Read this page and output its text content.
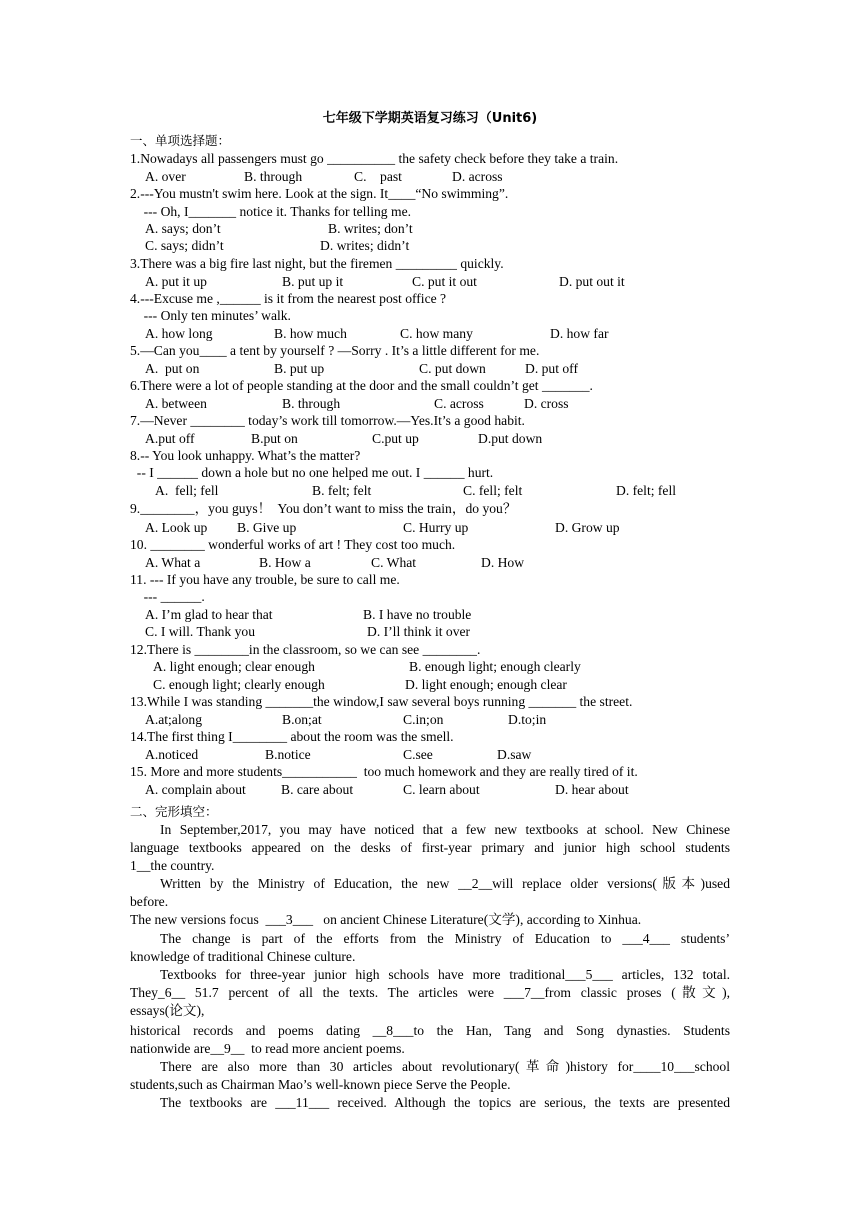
七年级下学期英语复习练习（Unit6)
一、单项选择题：
1.Nowadays all passengers must go __________ the safety check before they take a train.
A. over	B. through	C.    past	D. across
2.---You mustn't swim here. Look at the sign. It____“No swimming”.
--- Oh, I_______ notice it. Thanks for telling me.
A. says; don’t	B. writes; don’t
C. says; didn’t	D. writes; didn’t
3.There was a big fire last night, but the firemen _________ quickly.
A. put it up	B. put up it	C. put it out	D. put out it
4.---Excuse me ,______ is it from the nearest post office ?
--- Only ten minutes’ walk.
A. how long	B. how much	C. how many	D. how far
5.—Can you____ a tent by yourself ? —Sorry . It’s a little different for me.
A.  put on	B. put up	C. put down	D. put off
6.There were a lot of people standing at the door and the small couldn’t get _______.
A. between	B. through	C. across	D. cross
7.—Never ________ today’s work till tomorrow.—Yes.It’s a good habit.
A.put off	B.put on	C.put up	D.put down
8.-- You look unhappy. What’s the matter?
-- I ______ down a hole but no one helped me out. I ______ hurt.
A.  fell; fell	B. felt; felt	C. fell; felt	D. felt; fell
9.________，you guys！  You don’t want to miss the train，do you？
A. Look up B. Give up	C. Hurry up	D. Grow up
10. ________ wonderful works of art ! They cost too much.
A. What a	B. How a	C. What	D. How
11. --- If you have any trouble, be sure to call me.
--- ______.
A. I’m glad to hear that	B. I have no trouble
C. I will. Thank you	D. I’ll think it over
12.There is ________in the classroom, so we can see ________.
A. light enough; clear enough	B. enough light; enough clearly
C. enough light; clearly enough	D. light enough; enough clear
13.While I was standing _______the window,I saw several boys running _______ the street.
A.at;along	B.on;at	C.in;on	D.to;in
14.The first thing I________ about the room was the smell.
A.noticed	B.notice	C.see	D.saw
15. More and more students___________  too much homework and they are really tired of it.
A. complain about	B. care about	C. learn about	D. hear about
二、完形填空：
In September,2017, you may have noticed that a few new textbooks at school. New Chinese
language textbooks appeared on the desks of first-year primary and junior high school students
1__the country.
Written by the Ministry of Education, the new __2__will replace older versions(版本)used
before.
The new versions focus  ___3___   on ancient Chinese Literature(文学), according to Xinhua.
The change is part of the efforts from the Ministry of Education to ___4___ students’
knowledge of traditional Chinese culture.
Textbooks for three-year junior high schools have more traditional___5___ articles, 132 total.
They_6__ 51.7 percent of all the texts. The articles were ___7__from classic proses (散文),
essays(论文),
historical records and poems dating __8___to the Han, Tang and Song dynasties. Students
nationwide are__9__  to read more ancient poems.
There are also more than 30 articles about revolutionary(革命)history for____10___school
students,such as Chairman Mao’s well-known piece Serve the People.
The textbooks are ___11___ received. Although the topics are serious, the texts are presented
